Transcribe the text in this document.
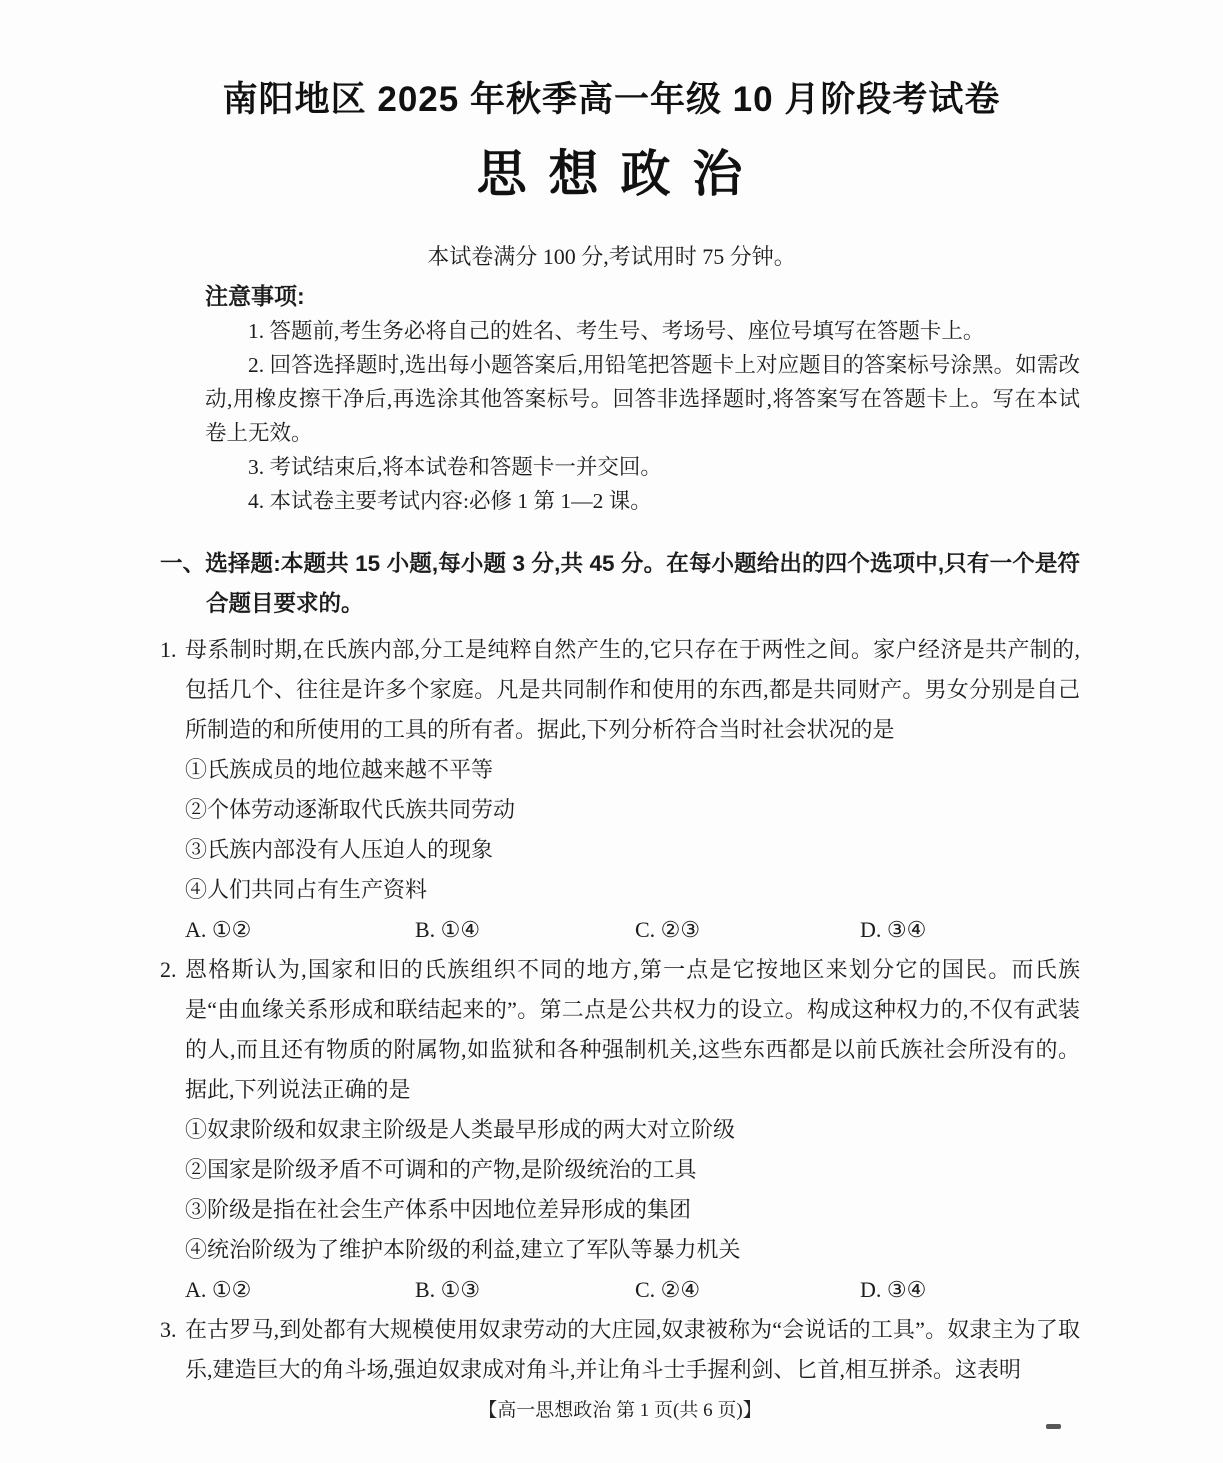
南阳地区 2025 年秋季高一年级 10 月阶段考试卷
思 想 政 治

本试卷满分 100 分,考试用时 75 分钟。

注意事项:

1. 答题前,考生务必将自己的姓名、考生号、考场号、座位号填写在答题卡上。

2. 回答选择题时,选出每小题答案后,用铅笔把答题卡上对应题目的答案标号涂黑。如需改动,用橡皮擦干净后,再选涂其他答案标号。回答非选择题时,将答案写在答题卡上。写在本试卷上无效。

3. 考试结束后,将本试卷和答题卡一并交回。

4. 本试卷主要考试内容:必修 1 第 1—2 课。

一、选择题:本题共 15 小题,每小题 3 分,共 45 分。在每小题给出的四个选项中,只有一个是符合题目要求的。

1. 母系制时期,在氏族内部,分工是纯粹自然产生的,它只存在于两性之间。家户经济是共产制的,包括几个、往往是许多个家庭。凡是共同制作和使用的东西,都是共同财产。男女分别是自己所制造的和所使用的工具的所有者。据此,下列分析符合当时社会状况的是

①氏族成员的地位越来越不平等

②个体劳动逐渐取代氏族共同劳动

③氏族内部没有人压迫人的现象

④人们共同占有生产资料

A. ①②	B. ①④	C. ②③	D. ③④

2. 恩格斯认为,国家和旧的氏族组织不同的地方,第一点是它按地区来划分它的国民。而氏族是“由血缘关系形成和联结起来的”。第二点是公共权力的设立。构成这种权力的,不仅有武装的人,而且还有物质的附属物,如监狱和各种强制机关,这些东西都是以前氏族社会所没有的。据此,下列说法正确的是

①奴隶阶级和奴隶主阶级是人类最早形成的两大对立阶级

②国家是阶级矛盾不可调和的产物,是阶级统治的工具

③阶级是指在社会生产体系中因地位差异形成的集团

④统治阶级为了维护本阶级的利益,建立了军队等暴力机关

A. ①②	B. ①③	C. ②④	D. ③④

3. 在古罗马,到处都有大规模使用奴隶劳动的大庄园,奴隶被称为“会说话的工具”。奴隶主为了取乐,建造巨大的角斗场,强迫奴隶成对角斗,并让角斗士手握利剑、匕首,相互拼杀。这表明

【高一思想政治 第 1 页(共 6 页)】
